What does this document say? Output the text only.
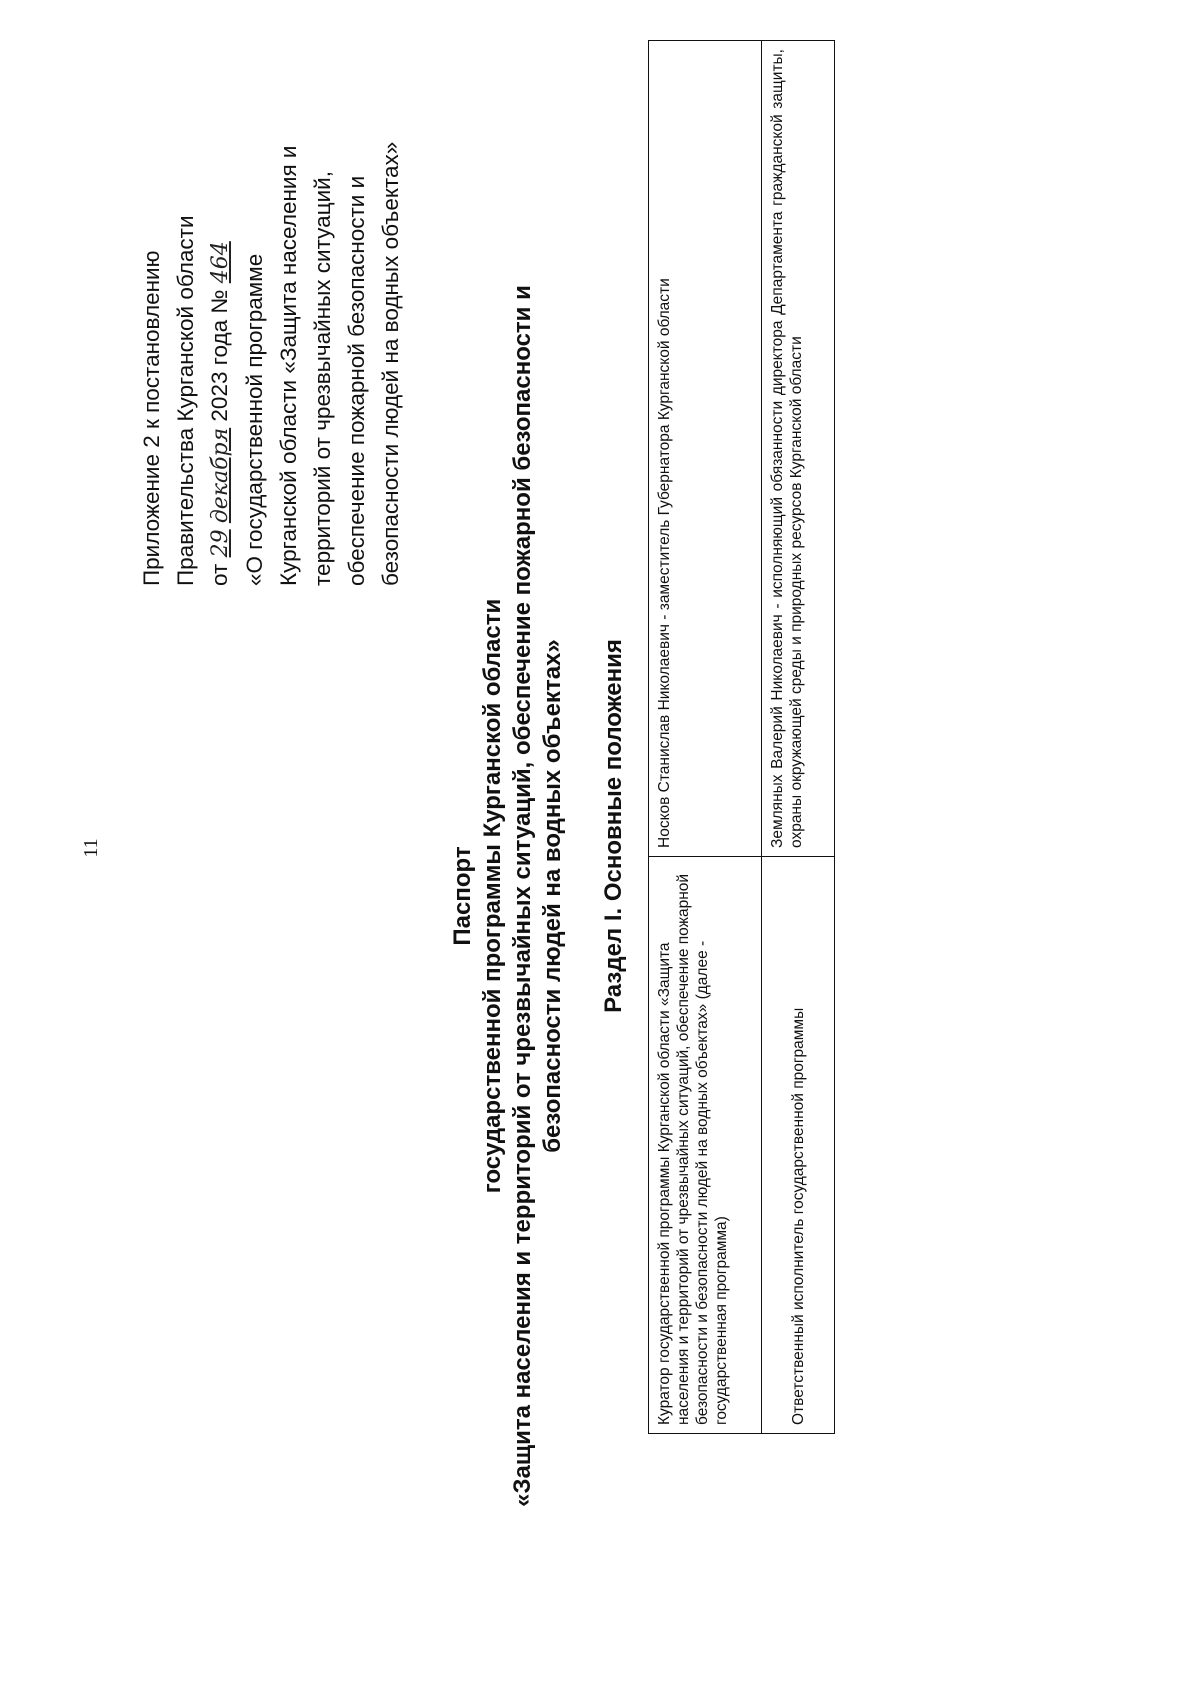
11
Приложение 2 к постановлению Правительства Курганской области от 29 декабря 2023 года № 464 «О государственной программе Курганской области «Защита населения и территорий от чрезвычайных ситуаций, обеспечение пожарной безопасности и безопасности людей на водных объектах»
Паспорт государственной программы Курганской области «Защита населения и территорий от чрезвычайных ситуаций, обеспечение пожарной безопасности и безопасности людей на водных объектах» Раздел I. Основные положения
Куратор государственной программы Курганской области «Защита населения и территорий от чрезвычайных ситуаций, обеспечение пожарной безопасности и безопасности людей на водных объектах» (далее - государственная программа)	Носков Станислав Николаевич - заместитель Губернатора Курганской области
Ответственный исполнитель государственной программы	Земляных Валерий Николаевич - исполняющий обязанности директора Департамента гражданской защиты, охраны окружающей среды и природных ресурсов Курганской области
